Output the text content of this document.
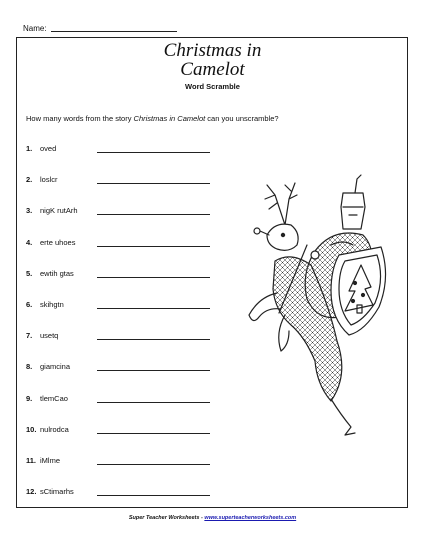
Name:
Christmas in
Camelot
Word Scramble
How many words from the story Christmas in Camelot can you unscramble?
1. oved
2. loslcr
3. nigK rutArh
4. erte uhoes
5. ewtih gtas
6. skihgtn
7. usetq
8. giamcina
9. tlemCao
10. nulrodca
11. iMlme
12. sCtimarhs
Super Teacher Worksheets - www.superteacherworksheets.com
